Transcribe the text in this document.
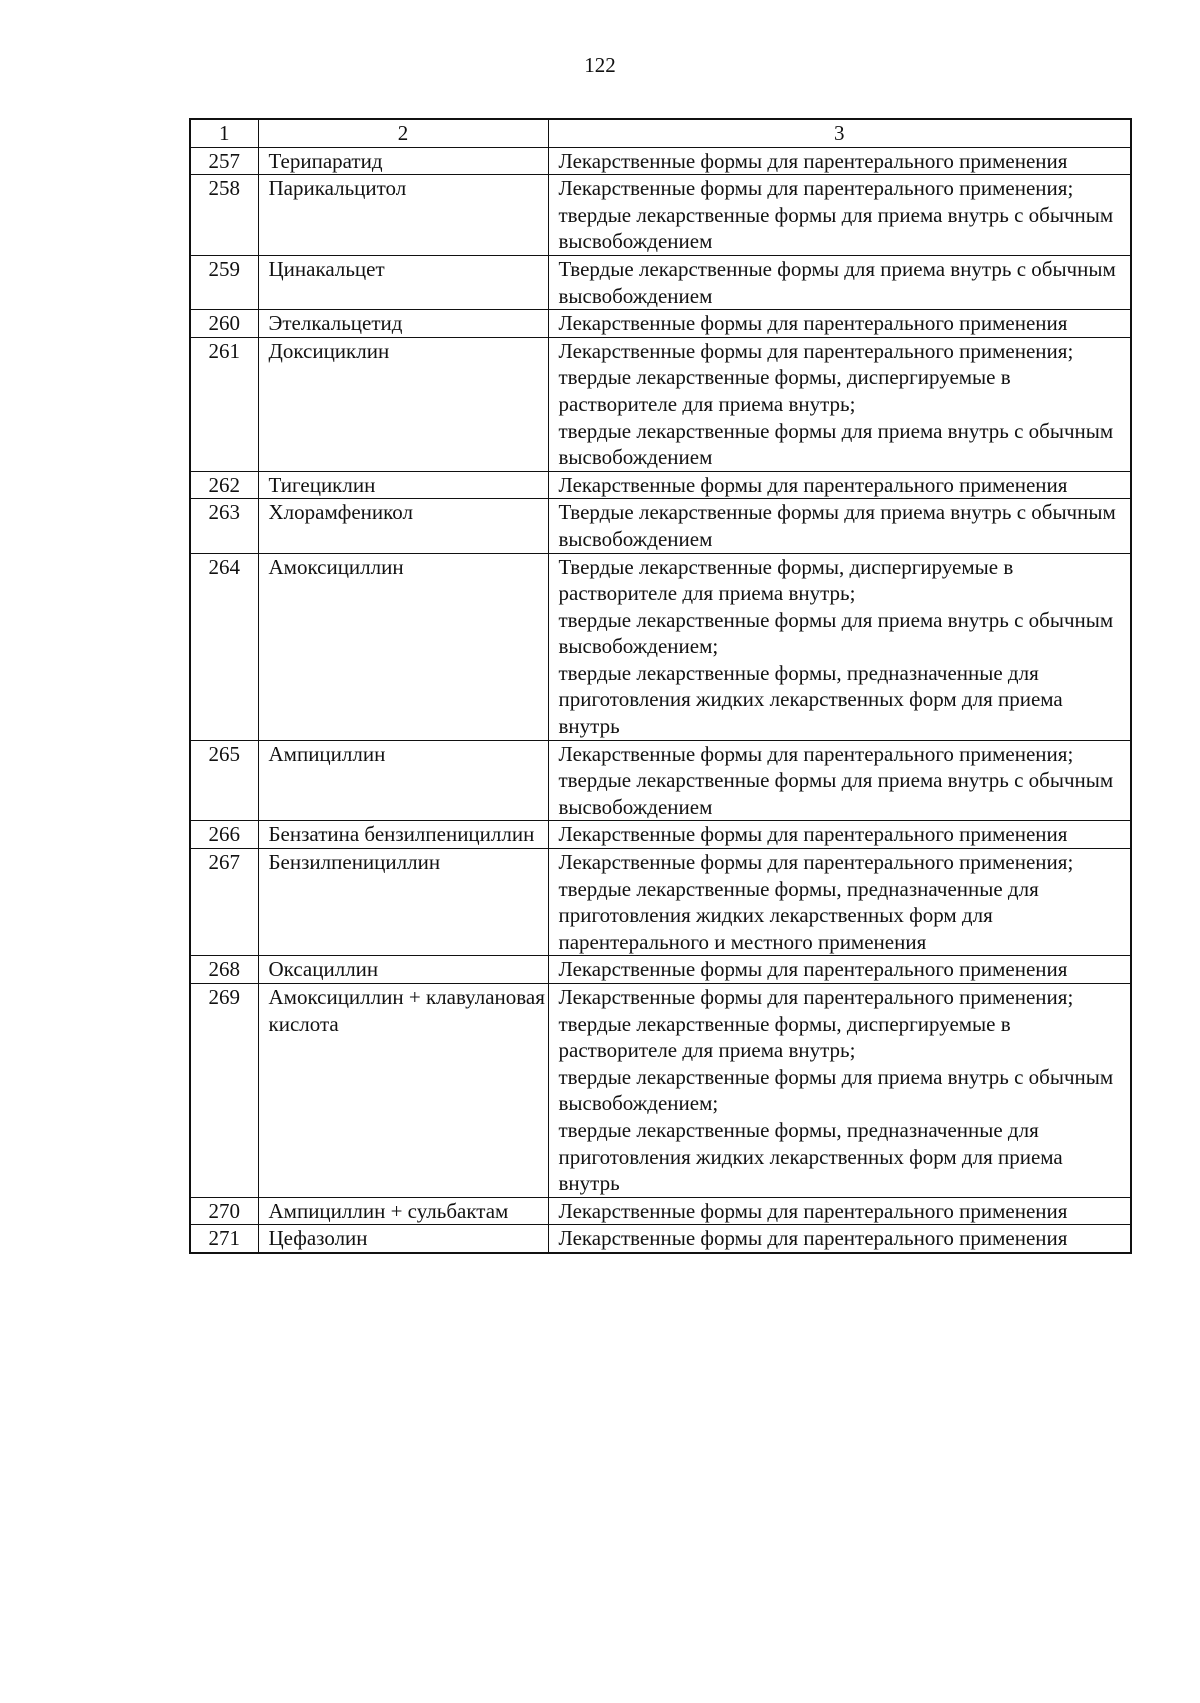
122
1	2	3
257	Терипаратид	Лекарственные формы для парентерального применения

258	Парикальцитол	Лекарственные формы для парентерального применения;
твердые лекарственные формы для приема внутрь с обычным высвобождением

259	Цинакальцет	Твердые лекарственные формы для приема внутрь с обычным высвобождением

260	Этелкальцетид	Лекарственные формы для парентерального применения

261	Доксициклин	Лекарственные формы для парентерального применения;
твердые лекарственные формы, диспергируемые в растворителе для приема внутрь;
твердые лекарственные формы для приема внутрь с обычным высвобождением

262	Тигециклин	Лекарственные формы для парентерального применения

263	Хлорамфеникол	Твердые лекарственные формы для приема внутрь с обычным высвобождением

264	Амоксициллин	Твердые лекарственные формы, диспергируемые в растворителе для приема внутрь;
твердые лекарственные формы для приема внутрь с обычным высвобождением;
твердые лекарственные формы, предназначенные для приготовления жидких лекарственных форм для приема внутрь

265	Ампициллин	Лекарственные формы для парентерального применения;
твердые лекарственные формы для приема внутрь с обычным высвобождением

266	Бензатина бензилпенициллин	Лекарственные формы для парентерального применения

267	Бензилпенициллин	Лекарственные формы для парентерального применения;
твердые лекарственные формы, предназначенные для приготовления жидких лекарственных форм для парентерального и местного применения

268	Оксациллин	Лекарственные формы для парентерального применения

269	Амоксициллин + клавулановая кислота	Лекарственные формы для парентерального применения;
твердые лекарственные формы, диспергируемые в растворителе для приема внутрь;
твердые лекарственные формы для приема внутрь с обычным высвобождением;
твердые лекарственные формы, предназначенные для приготовления жидких лекарственных форм для приема внутрь

270	Ампициллин + сульбактам	Лекарственные формы для парентерального применения

271	Цефазолин	Лекарственные формы для парентерального применения
